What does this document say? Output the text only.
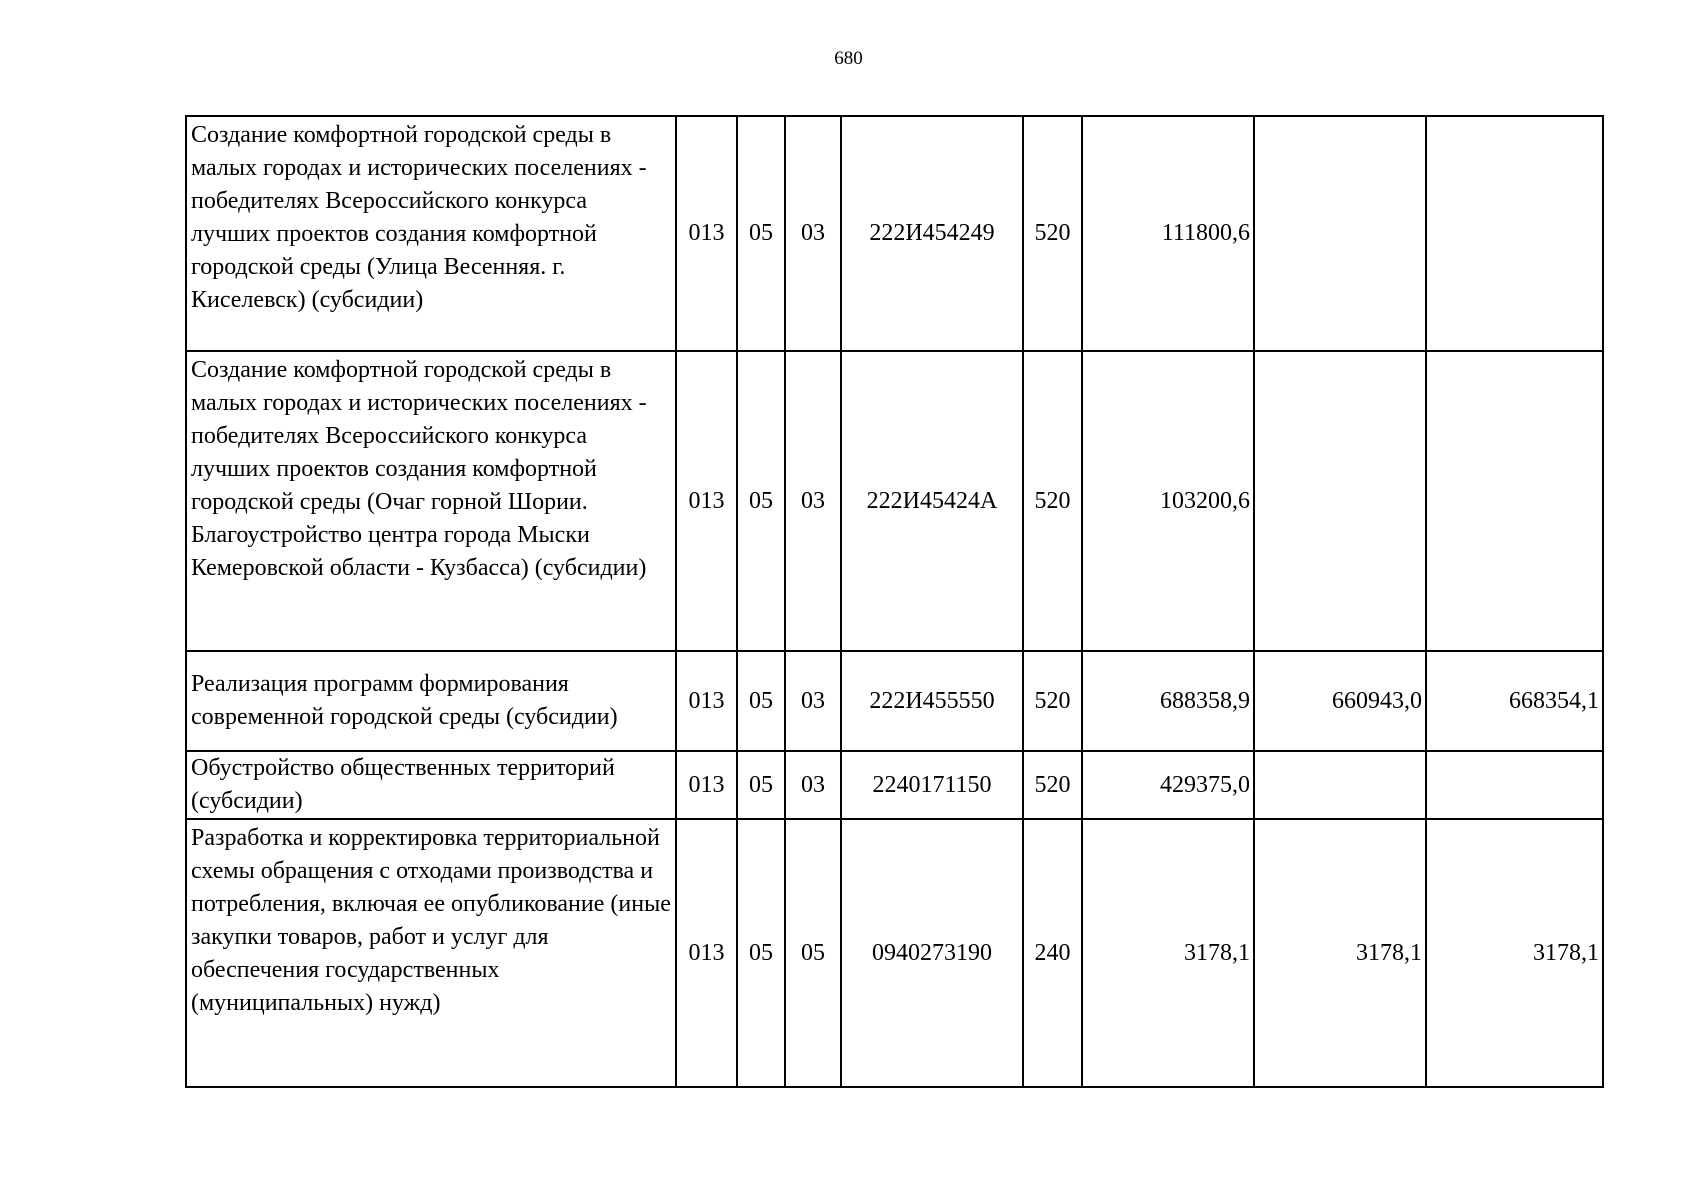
680
Создание комфортной городской среды в малых городах и исторических поселениях - победителях Всероссийского конкурса лучших проектов создания комфортной городской среды (Улица Весенняя. г. Киселевск) (субсидии)	013	05	03	222И454249	520	111800,6		
Создание комфортной городской среды в малых городах и исторических поселениях - победителях Всероссийского конкурса лучших проектов создания комфортной городской среды (Очаг горной Шории. Благоустройство центра города Мыски Кемеровской области - Кузбасса) (субсидии)	013	05	03	222И45424А	520	103200,6		
Реализация программ формирования современной городской среды (субсидии)	013	05	03	222И455550	520	688358,9	660943,0	668354,1
Обустройство общественных территорий (субсидии)	013	05	03	2240171150	520	429375,0		
Разработка и корректировка территориальной схемы обращения с отходами производства и потребления, включая ее опубликование (иные закупки товаров, работ и услуг для обеспечения государственных (муниципальных) нужд)	013	05	05	0940273190	240	3178,1	3178,1	3178,1
